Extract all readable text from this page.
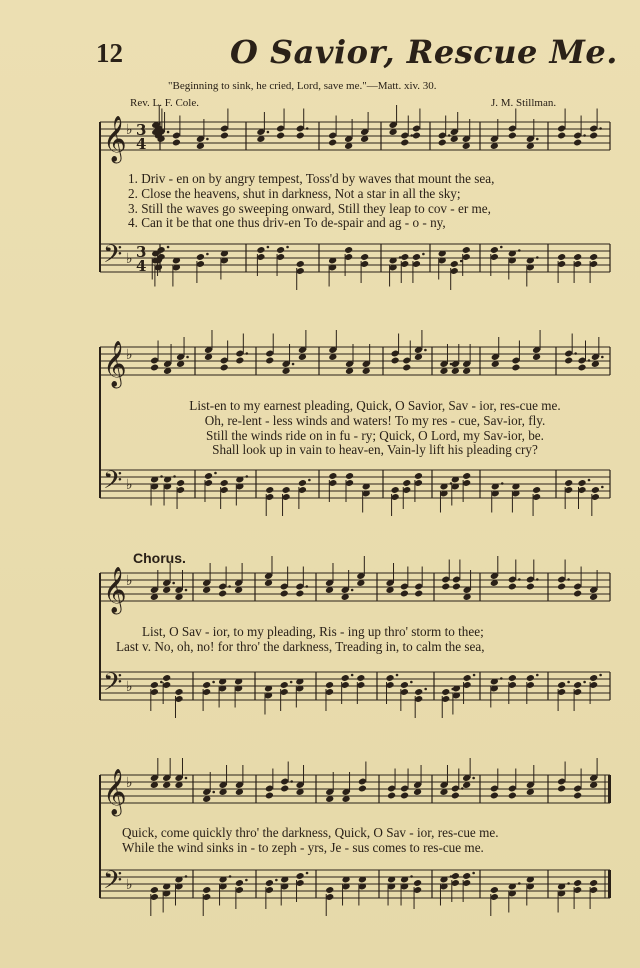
12	O Savior, Rescue Me.
"Beginning to sink, he cried, Lord, save me."—Matt. xiv. 30.
Rev. L. F. Cole.	J. M. Stillman.
𝄞 ♭ 3
4
𝄢 ♭ 3
4
𝄞 ♭
𝄢 ♭
𝄞 ♭
𝄢 ♭
𝄞 ♭
𝄢 ♭
1. Driv - en on by angry tempest, Toss'd by waves that mount the sea,
2. Close the heavens, shut in darkness, Not a star in all the sky;
3. Still the waves go sweeping onward, Still they leap to cov - er me,
4. Can it be that one thus driv-en To de-spair and ag - o - ny,
List-en to my earnest pleading, Quick, O Savior, Sav - ior, res-cue me.
Oh, re-lent - less winds and waters! To my res - cue, Sav-ior, fly.
Still the winds ride on in fu - ry; Quick, O Lord, my Sav-ior, be.
Shall look up in vain to heav-en, Vain-ly lift his pleading cry?
Chorus.
List, O Sav - ior, to my pleading, Ris - ing up thro' storm to thee;
Last v. No, oh, no! for thro' the darkness, Treading in, to calm the sea,
Quick, come quickly thro' the darkness, Quick, O Sav - ior, res-cue me.
While the wind sinks in - to zeph - yrs, Je - sus comes to res-cue me.
